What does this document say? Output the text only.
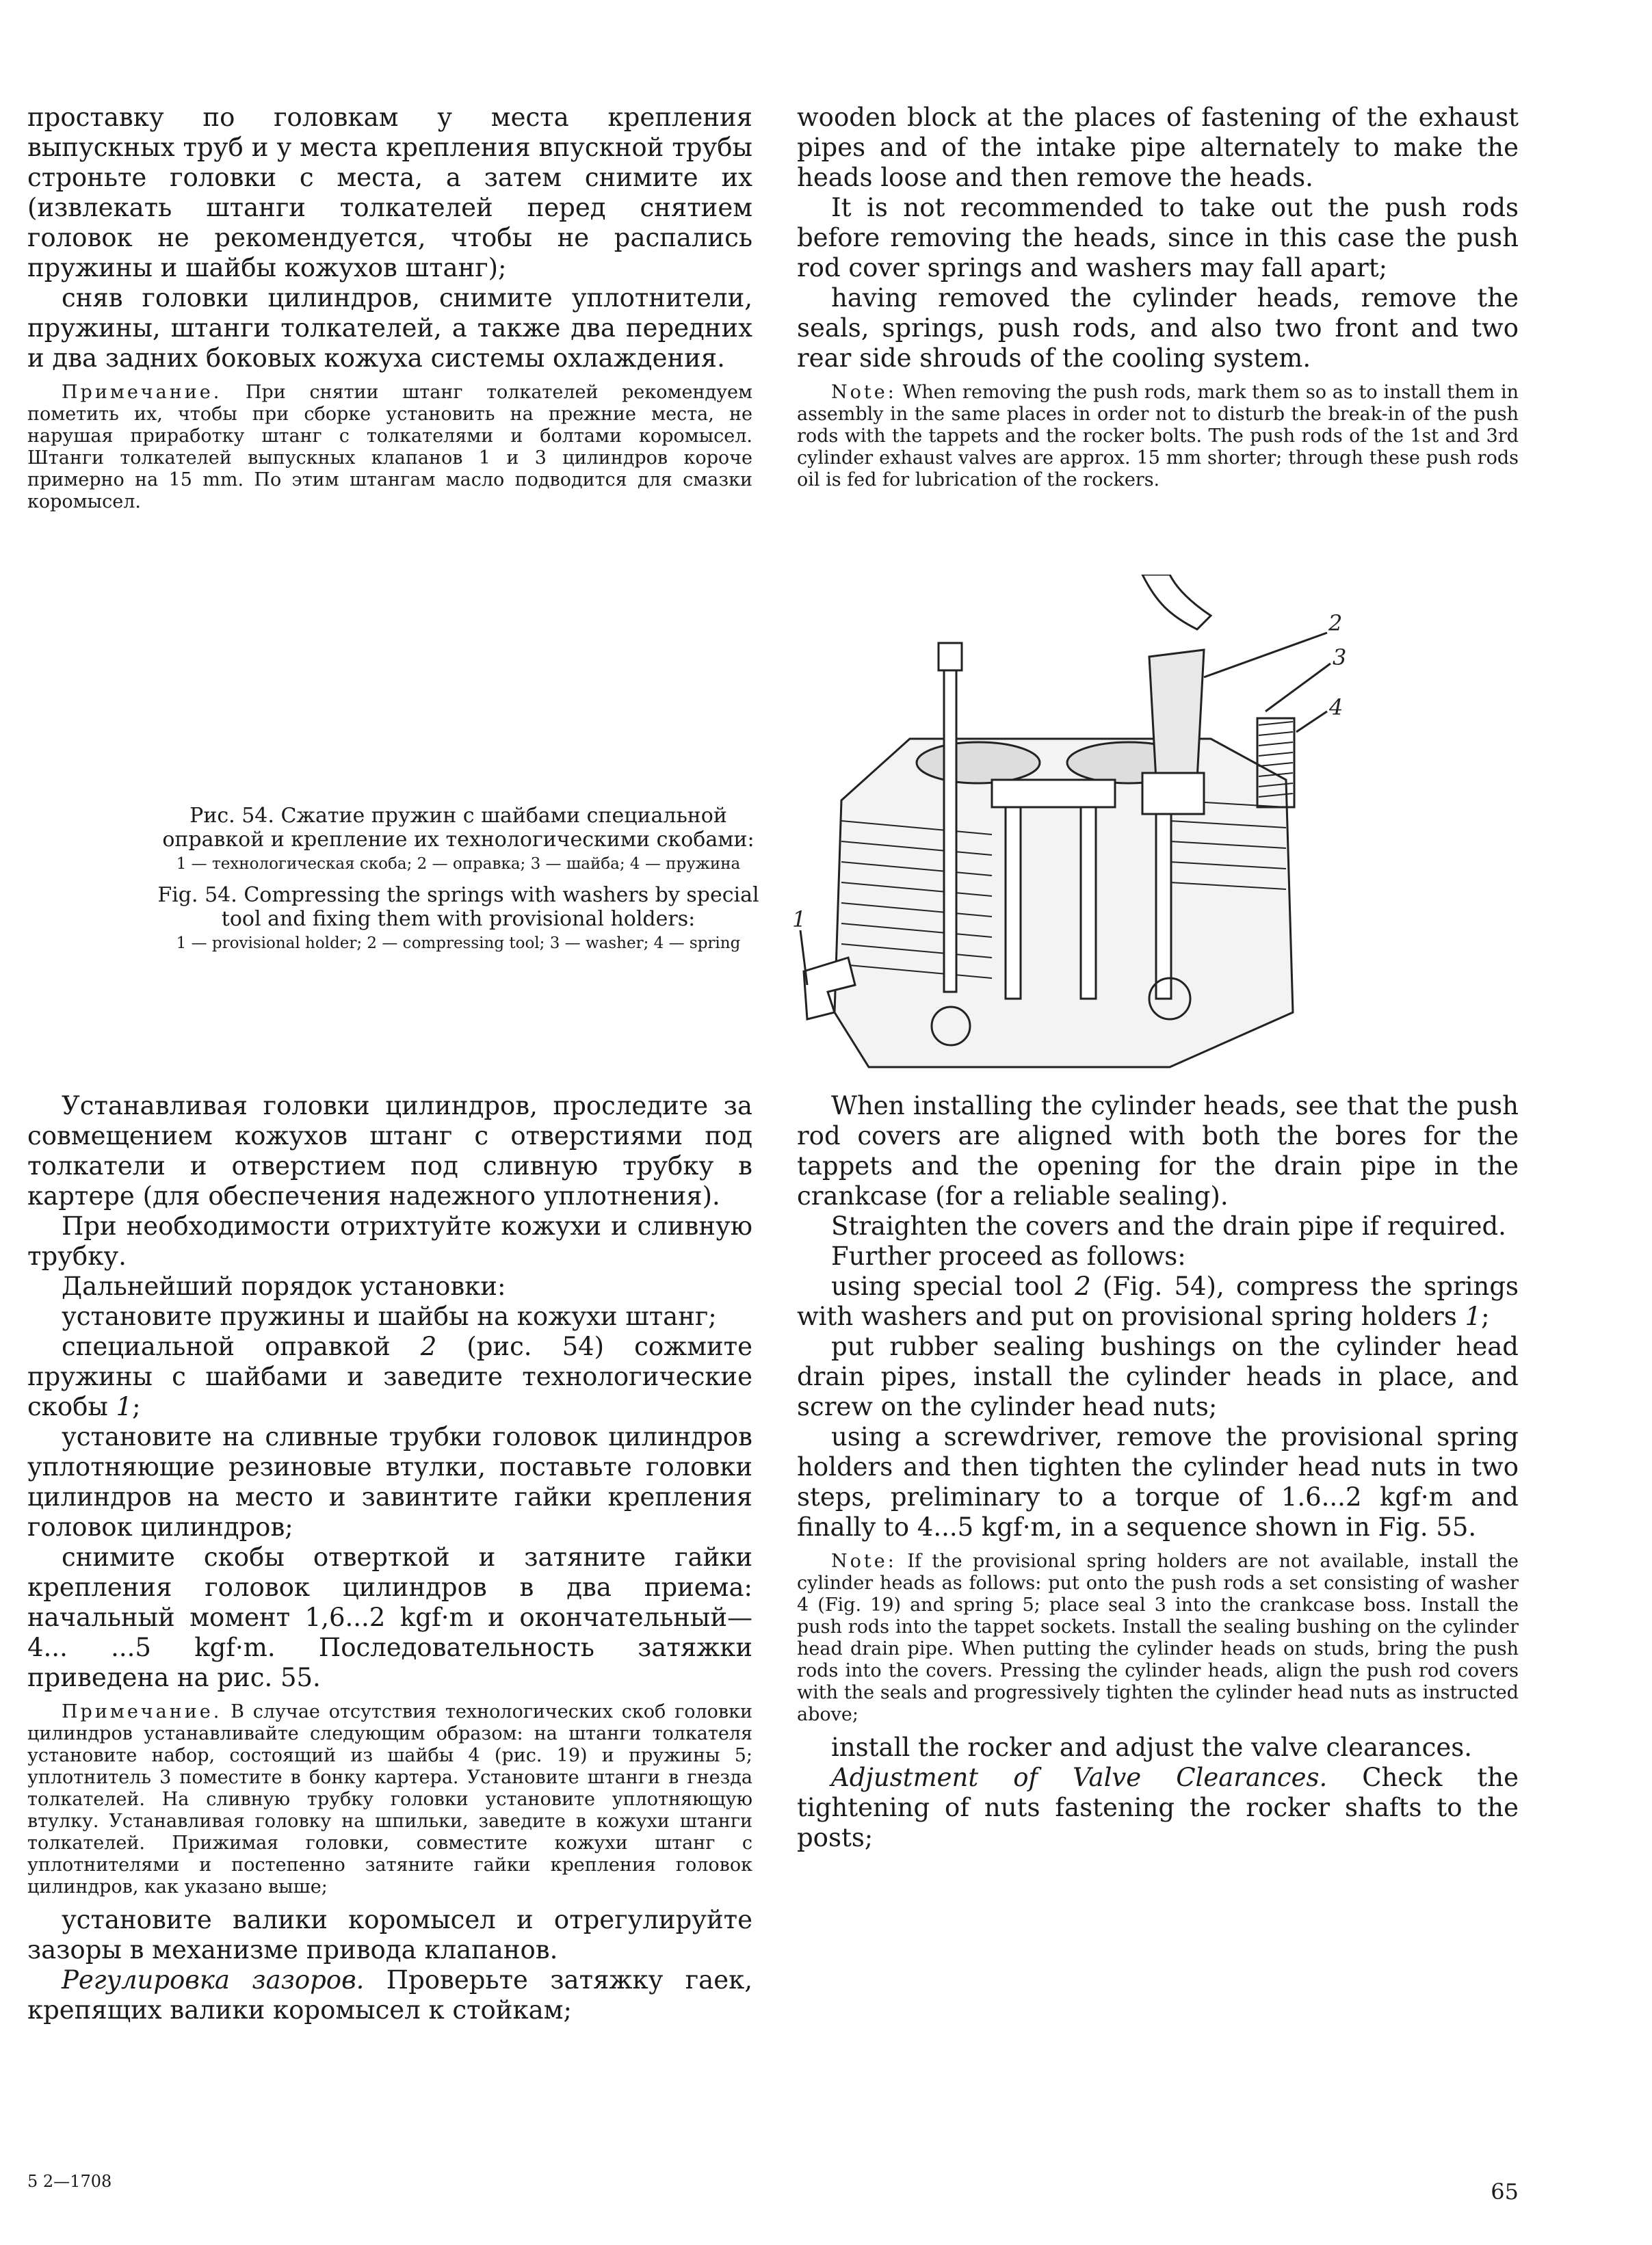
проставку по головкам у места крепления выпускных труб и у места крепления впускной трубы строньте головки с места, а затем снимите их (извлекать штанги толкателей перед снятием головок не рекомендуется, чтобы не распались пружины и шайбы кожухов штанг);

сняв головки цилиндров, снимите уплотнители, пружины, штанги толкателей, а также два передних и два задних боковых кожуха системы охлаждения.

Примечание. При снятии штанг толкателей рекомендуем пометить их, чтобы при сборке установить на прежние места, не нарушая приработку штанг с толкателями и болтами коромысел. Штанги толкателей выпускных клапанов 1 и 3 цилиндров короче примерно на 15 mm. По этим штангам масло подводится для смазки коромысел.

Рис. 54. Сжатие пружин с шайбами специальной оправкой и крепление их технологическими скобами:

1 — технологическая скоба; 2 — оправка; 3 — шайба; 4 — пружина

Fig. 54. Compressing the springs with washers by special tool and fixing them with provisional holders:

1 — provisional holder; 2 — compressing tool; 3 — washer; 4 — spring

Устанавливая головки цилиндров, проследите за совмещением кожухов штанг с отверстиями под толкатели и отверстием под сливную трубку в картере (для обеспечения надежного уплотнения).

При необходимости отрихтуйте кожухи и сливную трубку.

Дальнейший порядок установки:

установите пружины и шайбы на кожухи штанг;

специальной оправкой 2 (рис. 54) сожмите пружины с шайбами и заведите технологические скобы 1;

установите на сливные трубки головок цилиндров уплотняющие резиновые втулки, поставьте головки цилиндров на место и завинтите гайки крепления головок цилиндров;

снимите скобы отверткой и затяните гайки крепления головок цилиндров в два приема: начальный момент 1,6...2 kgf·m и окончательный—4... ...5 kgf·m. Последовательность затяжки приведена на рис. 55.

Примечание. В случае отсутствия технологических скоб головки цилиндров устанавливайте следующим образом: на штанги толкателя установите набор, состоящий из шайбы 4 (рис. 19) и пружины 5; уплотнитель 3 поместите в бонку картера. Установите штанги в гнезда толкателей. На сливную трубку головки установите уплотняющую втулку. Устанавливая головку на шпильки, заведите в кожухи штанги толкателей. Прижимая головки, совместите кожухи штанг с уплотнителями и постепенно затяните гайки крепления головок цилиндров, как указано выше;

установите валики коромысел и отрегулируйте зазоры в механизме привода клапанов.

Регулировка зазоров. Проверьте затяжку гаек, крепящих валики коромысел к стойкам;

wooden block at the places of fastening of the exhaust pipes and of the intake pipe alternately to make the heads loose and then remove the heads.

It is not recommended to take out the push rods before removing the heads, since in this case the push rod cover springs and washers may fall apart;

having removed the cylinder heads, remove the seals, springs, push rods, and also two front and two rear side shrouds of the cooling system.

Note: When removing the push rods, mark them so as to install them in assembly in the same places in order not to disturb the break-in of the push rods with the tappets and the rocker bolts. The push rods of the 1st and 3rd cylinder exhaust valves are approx. 15 mm shorter; through these push rods oil is fed for lubrication of the rockers.

2
3
4
1

When installing the cylinder heads, see that the push rod covers are aligned with both the bores for the tappets and the opening for the drain pipe in the crankcase (for a reliable sealing).

Straighten the covers and the drain pipe if required.

Further proceed as follows:

using special tool 2 (Fig. 54), compress the springs with washers and put on provisional spring holders 1;

put rubber sealing bushings on the cylinder head drain pipes, install the cylinder heads in place, and screw on the cylinder head nuts;

using a screwdriver, remove the provisional spring holders and then tighten the cylinder head nuts in two steps, preliminary to a torque of 1.6...2 kgf·m and finally to 4...5 kgf·m, in a sequence shown in Fig. 55.

Note: If the provisional spring holders are not available, install the cylinder heads as follows: put onto the push rods a set consisting of washer 4 (Fig. 19) and spring 5; place seal 3 into the crankcase boss. Install the push rods into the tappet sockets. Install the sealing bushing on the cylinder head drain pipe. When putting the cylinder heads on studs, bring the push rods into the covers. Pressing the cylinder heads, align the push rod covers with the seals and progressively tighten the cylinder head nuts as instructed above;

install the rocker and adjust the valve clearances.

Adjustment of Valve Clearances. Check the tightening of nuts fastening the rocker shafts to the posts;

5 2—1708	65
